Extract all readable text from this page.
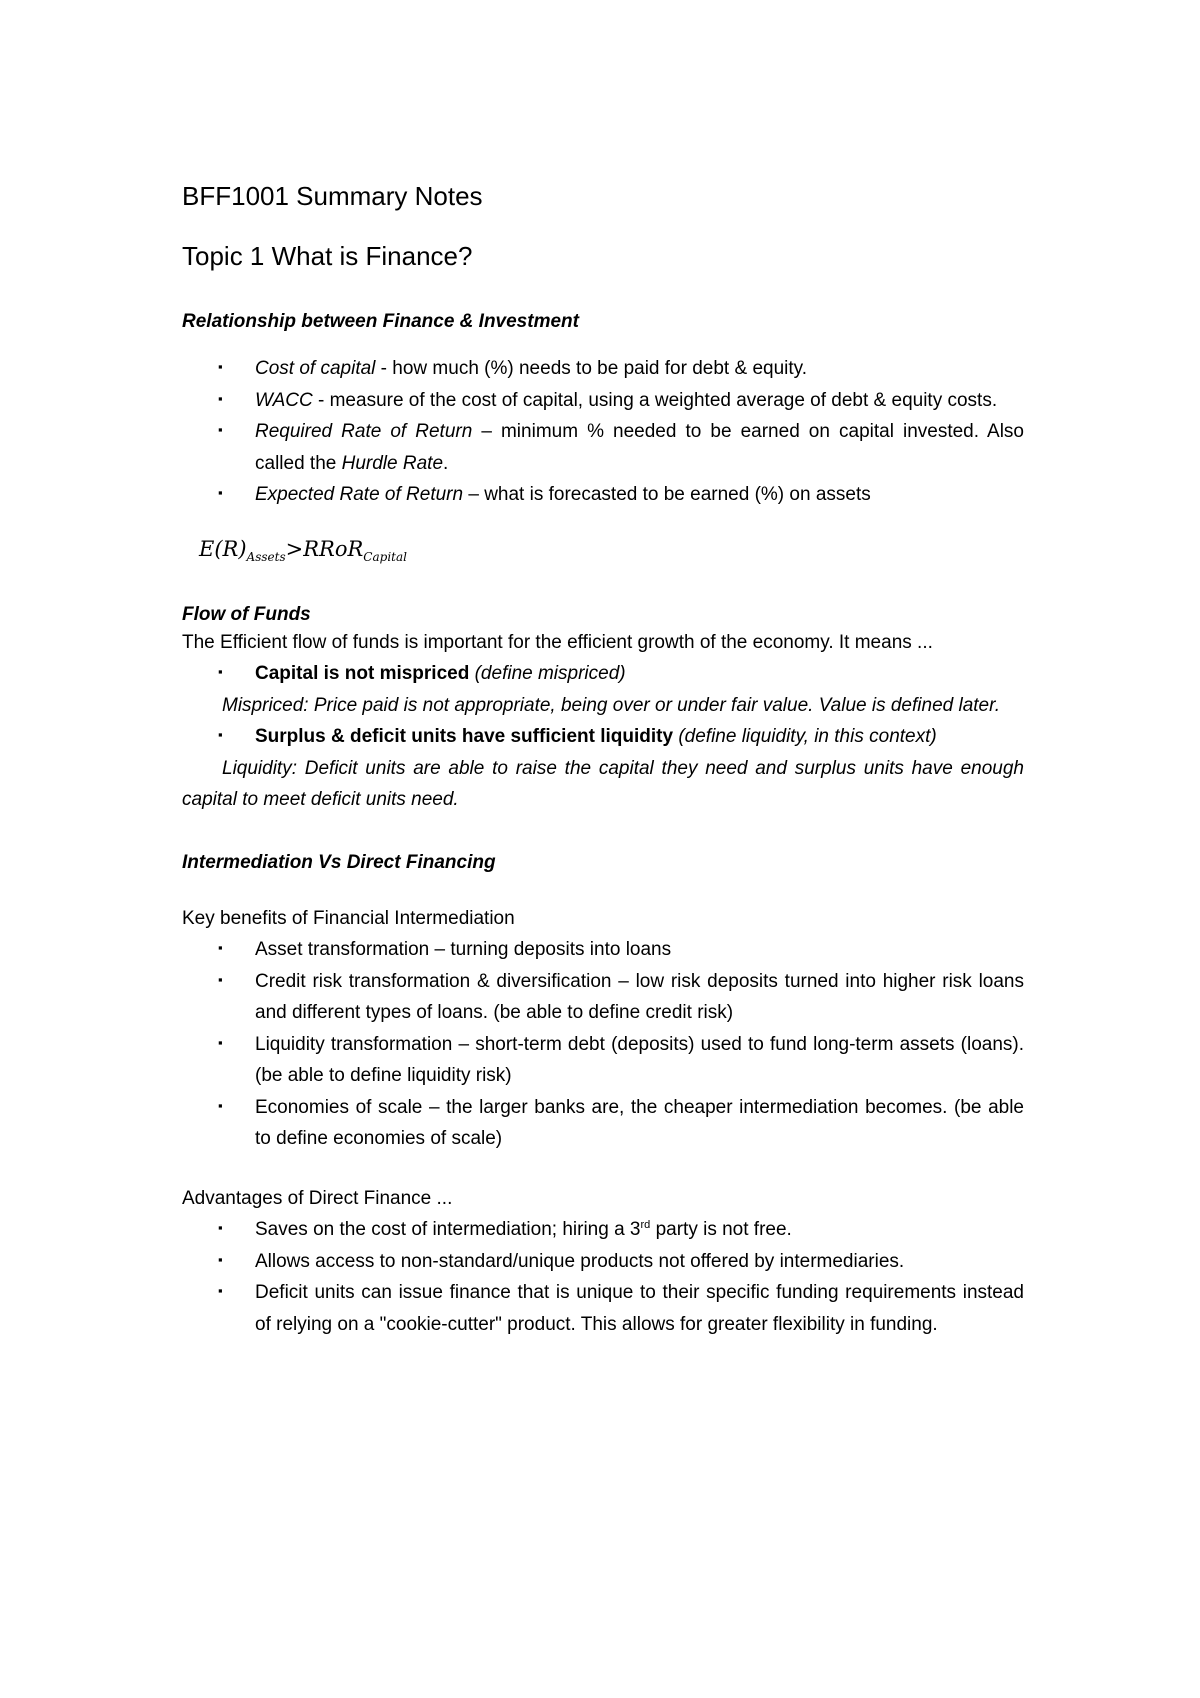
BFF1001 Summary Notes
Topic 1 What is Finance?
Relationship between Finance & Investment
▪ Cost of capital - how much (%) needs to be paid for debt & equity.
▪ WACC - measure of the cost of capital, using a weighted average of debt & equity costs.
▪ Required Rate of Return – minimum % needed to be earned on capital invested. Also called the Hurdle Rate.
▪ Expected Rate of Return – what is forecasted to be earned (%) on assets
$E(R)_{Assets}>RRoR_{Capital}$
Flow of Funds
The Efficient flow of funds is important for the efficient growth of the economy. It means ...
▪ Capital is not mispriced (define mispriced)
Mispriced: Price paid is not appropriate, being over or under fair value. Value is defined later.
▪ Surplus & deficit units have sufficient liquidity (define liquidity, in this context)
Liquidity: Deficit units are able to raise the capital they need and surplus units have enough capital to meet deficit units need.
Intermediation Vs Direct Financing
Key benefits of Financial Intermediation
▪ Asset transformation – turning deposits into loans
▪ Credit risk transformation & diversification – low risk deposits turned into higher risk loans and different types of loans. (be able to define credit risk)
▪ Liquidity transformation – short-term debt (deposits) used to fund long-term assets (loans). (be able to define liquidity risk)
▪ Economies of scale – the larger banks are, the cheaper intermediation becomes. (be able to define economies of scale)
Advantages of Direct Finance ...
▪ Saves on the cost of intermediation; hiring a 3rd party is not free.
▪ Allows access to non-standard/unique products not offered by intermediaries.
▪ Deficit units can issue finance that is unique to their specific funding requirements instead of relying on a "cookie-cutter" product. This allows for greater flexibility in funding.
